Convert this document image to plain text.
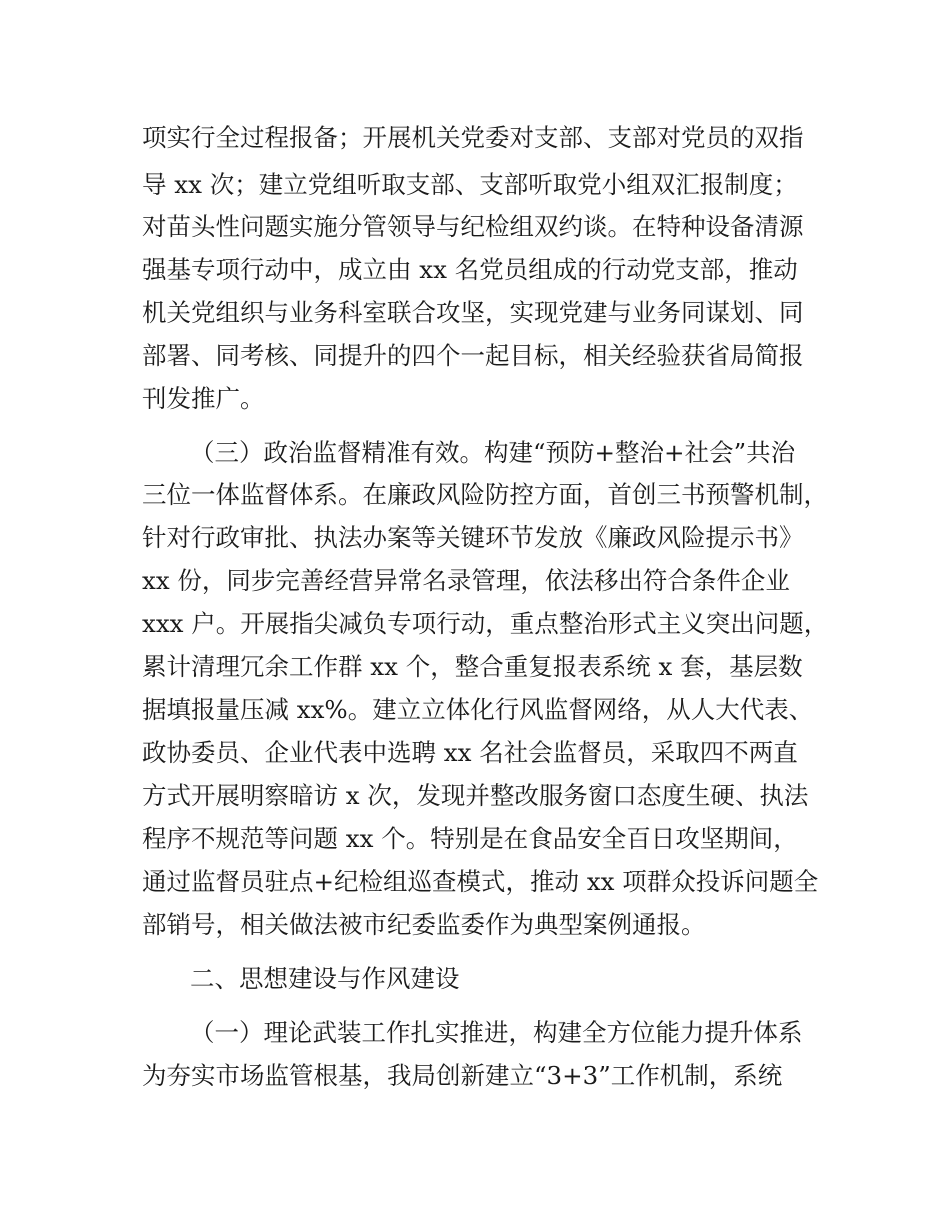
项实行全过程报备；开展机关党委对支部、支部对党员的双指
导 xx 次；建立党组听取支部、支部听取党小组双汇报制度；
对苗头性问题实施分管领导与纪检组双约谈。在特种设备清源
强基专项行动中，成立由 xx 名党员组成的行动党支部，推动
机关党组织与业务科室联合攻坚，实现党建与业务同谋划、同
部署、同考核、同提升的四个一起目标，相关经验获省局简报
刊发推广。
（三）政治监督精准有效。构建“预防+整治+社会”共治
三位一体监督体系。在廉政风险防控方面，首创三书预警机制，
针对行政审批、执法办案等关键环节发放《廉政风险提示书》
xx 份，同步完善经营异常名录管理，依法移出符合条件企业
xxx 户。开展指尖减负专项行动，重点整治形式主义突出问题，
累计清理冗余工作群 xx 个，整合重复报表系统 x 套，基层数
据填报量压减 xx%。建立立体化行风监督网络，从人大代表、
政协委员、企业代表中选聘 xx 名社会监督员，采取四不两直
方式开展明察暗访 x 次，发现并整改服务窗口态度生硬、执法
程序不规范等问题 xx 个。特别是在食品安全百日攻坚期间，
通过监督员驻点+纪检组巡查模式，推动 xx 项群众投诉问题全
部销号，相关做法被市纪委监委作为典型案例通报。
二、思想建设与作风建设
（一）理论武装工作扎实推进，构建全方位能力提升体系
为夯实市场监管根基，我局创新建立“3+3”工作机制，系统
